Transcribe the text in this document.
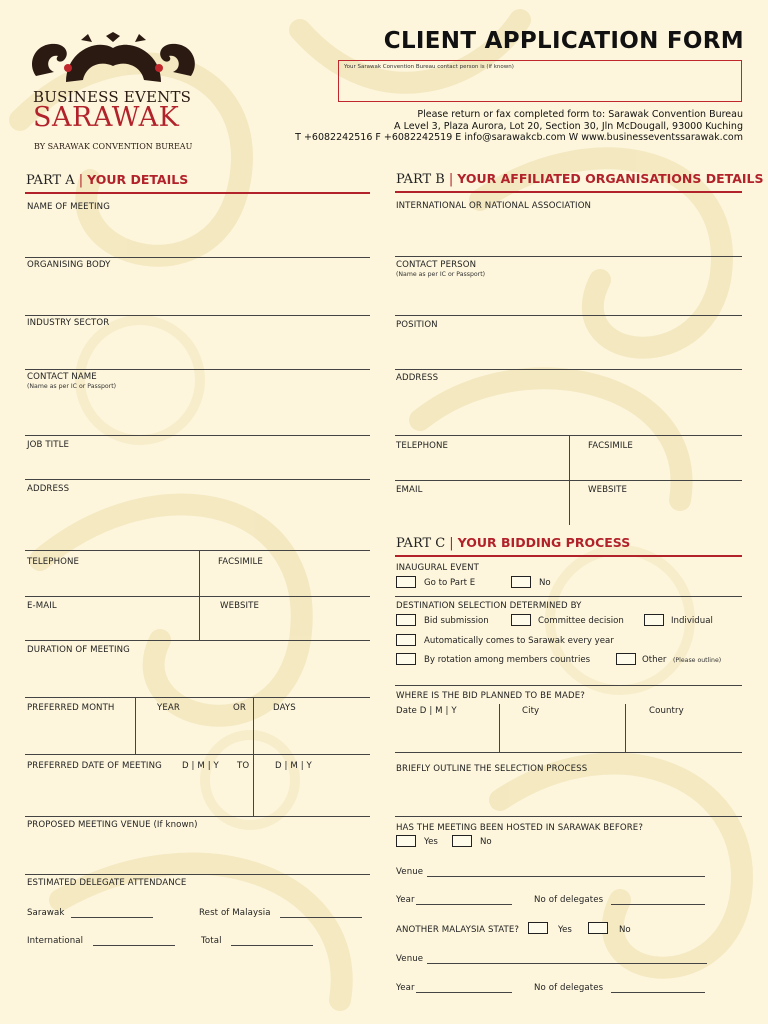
BUSINESS EVENTS
SARAWAK
BY SARAWAK CONVENTION BUREAU
CLIENT APPLICATION FORM
Your Sarawak Convention Bureau contact person is (if known)
Please return or fax completed form to: Sarawak Convention Bureau
A Level 3, Plaza Aurora, Lot 20, Section 30, Jln McDougall, 93000 Kuching
T +6082242516 F +6082242519 E info@sarawakcb.com W www.businesseventssarawak.com
PART A | YOUR DETAILS
NAME OF MEETING
ORGANISING BODY
INDUSTRY SECTOR
CONTACT NAME
(Name as per IC or Passport)
JOB TITLE
ADDRESS
TELEPHONE	FACSIMILE
E-MAIL	WEBSITE
DURATION OF MEETING
PREFERRED MONTH	YEAR	OR	DAYS
PREFERRED DATE OF MEETING D | M | Y TO	D | M | Y
PROPOSED MEETING VENUE (If known)
ESTIMATED DELEGATE ATTENDANCE
Sarawak	Rest of Malaysia
International	Total
PART B | YOUR AFFILIATED ORGANISATIONS DETAILS
INTERNATIONAL OR NATIONAL ASSOCIATION
CONTACT PERSON
(Name as per IC or Passport)
POSITION
ADDRESS
TELEPHONE	FACSIMILE
EMAIL	WEBSITE
PART C | YOUR BIDDING PROCESS
INAUGURAL EVENT
Go to Part E	No
DESTINATION SELECTION DETERMINED BY
Bid submission	Committee decision	Individual
Automatically comes to Sarawak every year
By rotation among members countries	Other (Please outline)
WHERE IS THE BID PLANNED TO BE MADE?
Date D | M | Y	City	Country
BRIEFLY OUTLINE THE SELECTION PROCESS
HAS THE MEETING BEEN HOSTED IN SARAWAK BEFORE?
Yes	No
Venue
Year	No of delegates
ANOTHER MALAYSIA STATE?	Yes	No
Venue
Year	No of delegates
